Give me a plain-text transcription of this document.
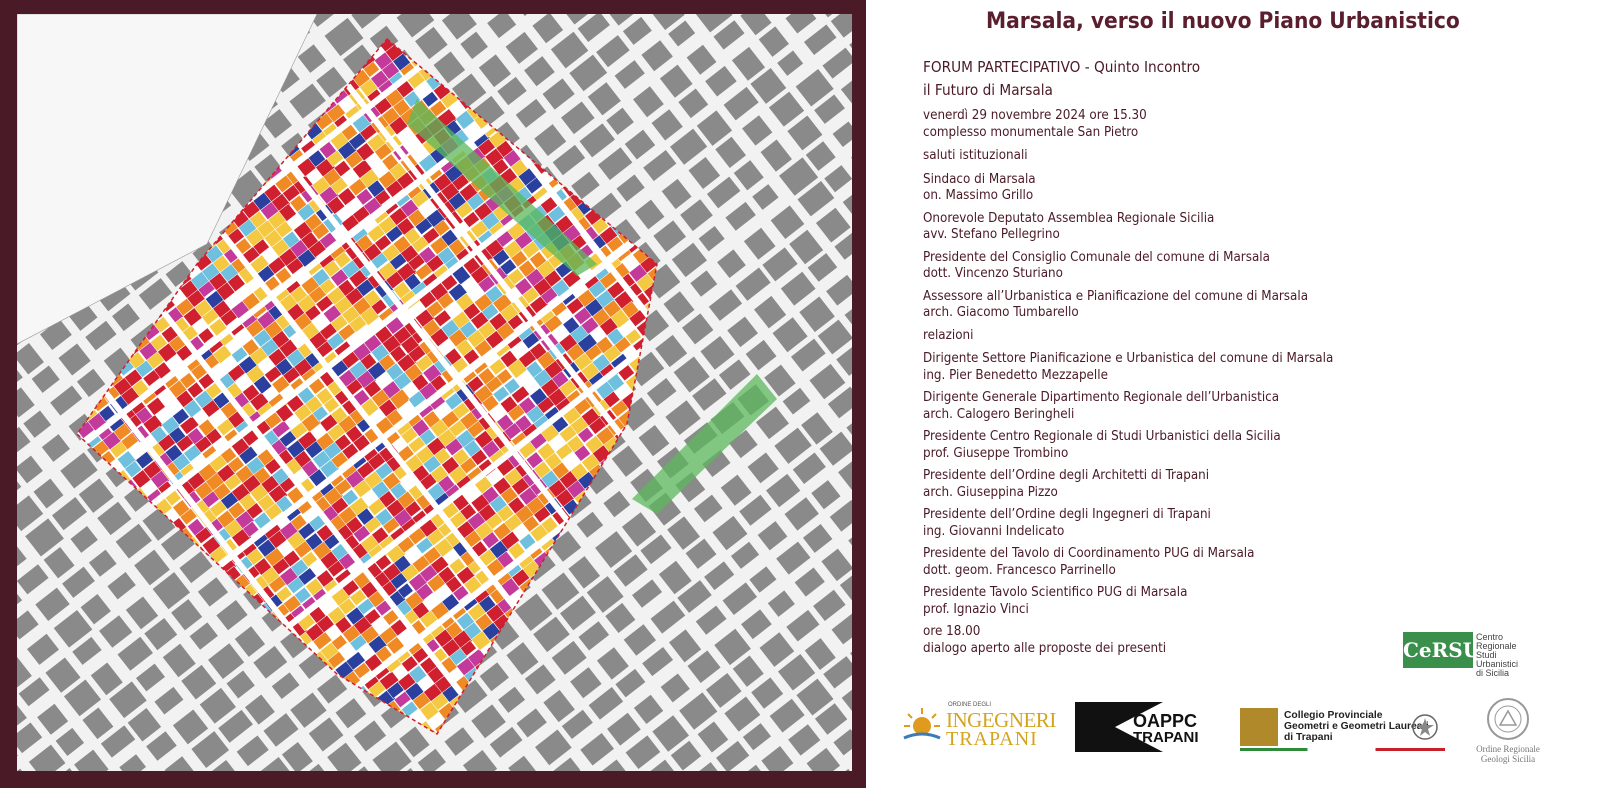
Marsala, verso il nuovo Piano Urbanistico
FORUM PARTECIPATIVO - Quinto Incontro
il Futuro di Marsala
venerdì 29 novembre 2024 ore 15.30
complesso monumentale San Pietro
saluti istituzionali
Sindaco di Marsala
on. Massimo Grillo
Onorevole Deputato Assemblea Regionale Sicilia
avv. Stefano Pellegrino
Presidente del Consiglio Comunale del comune di Marsala
dott. Vincenzo Sturiano
Assessore all’Urbanistica e Pianificazione del comune di Marsala
arch. Giacomo Tumbarello
relazioni
Dirigente Settore Pianificazione e Urbanistica del comune di Marsala
ing. Pier Benedetto Mezzapelle
Dirigente Generale Dipartimento Regionale dell’Urbanistica
arch. Calogero Beringheli
Presidente Centro Regionale di Studi Urbanistici della Sicilia
prof. Giuseppe Trombino
Presidente dell’Ordine degli Architetti di Trapani
arch. Giuseppina Pizzo
Presidente dell’Ordine degli Ingegneri di Trapani
ing. Giovanni Indelicato
Presidente del Tavolo di Coordinamento PUG di Marsala
dott. geom. Francesco Parrinello
Presidente Tavolo Scientifico PUG di Marsala
prof. Ignazio Vinci
ore 18.00
dialogo aperto alle proposte dei presenti	CeRSU
Centro
Regionale
Studi Urbanistici
di Sicilia
ORDINE DEGLI
INGEGNERI
TRAPANI
OAPPC
TRAPANI
Collegio Provinciale
Geometri e Geometri Laureati
di Trapani
Ordine Regionale
Geologi Sicilia
